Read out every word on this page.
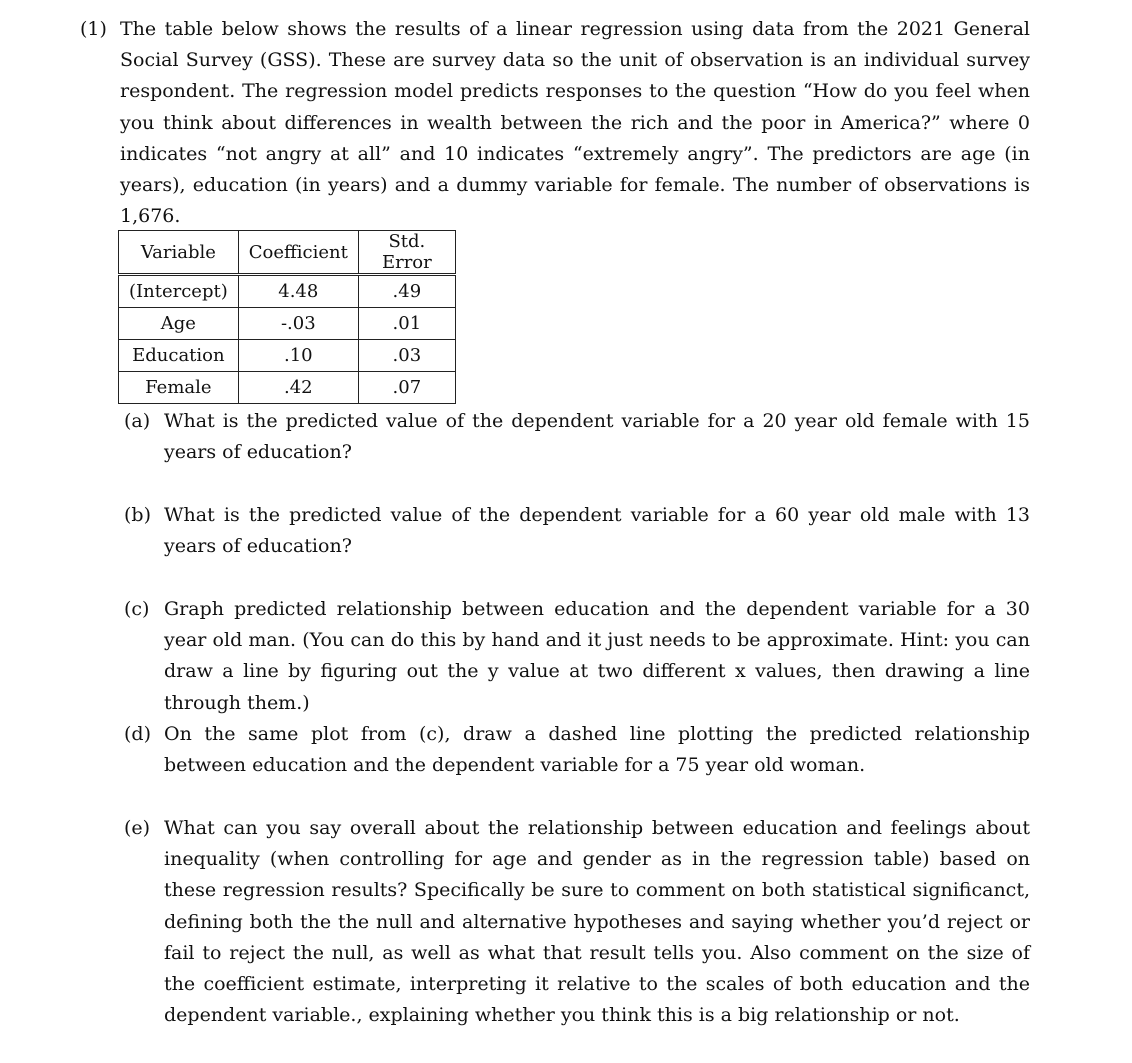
(1) The table below shows the results of a linear regression using data from the 2021 General Social Survey (GSS). These are survey data so the unit of observation is an individual survey respondent. The regression model predicts responses to the question “How do you feel when you think about differences in wealth between the rich and the poor in America?” where 0 indicates “not angry at all” and 10 indicates “extremely angry”. The predictors are age (in years), education (in years) and a dummy variable for female. The number of observations is 1,676.
Variable	Coefficient	Std. Error
(Intercept)	4.48	.49
Age	-.03	.01
Education	.10	.03
Female	.42	.07
(a) What is the predicted value of the dependent variable for a 20 year old female with 15 years of education?
(b) What is the predicted value of the dependent variable for a 60 year old male with 13 years of education?
(c) Graph predicted relationship between education and the dependent variable for a 30 year old man. (You can do this by hand and it just needs to be approximate. Hint: you can draw a line by figuring out the y value at two different x values, then drawing a line through them.)
(d) On the same plot from (c), draw a dashed line plotting the predicted relationship between education and the dependent variable for a 75 year old woman.
(e) What can you say overall about the relationship between education and feelings about inequality (when controlling for age and gender as in the regression table) based on these regression results? Specifically be sure to comment on both statistical significanct, defining both the the null and alternative hypotheses and saying whether you’d reject or fail to reject the null, as well as what that result tells you. Also comment on the size of the coefficient estimate, interpreting it relative to the scales of both education and the dependent variable., explaining whether you think this is a big relationship or not.
